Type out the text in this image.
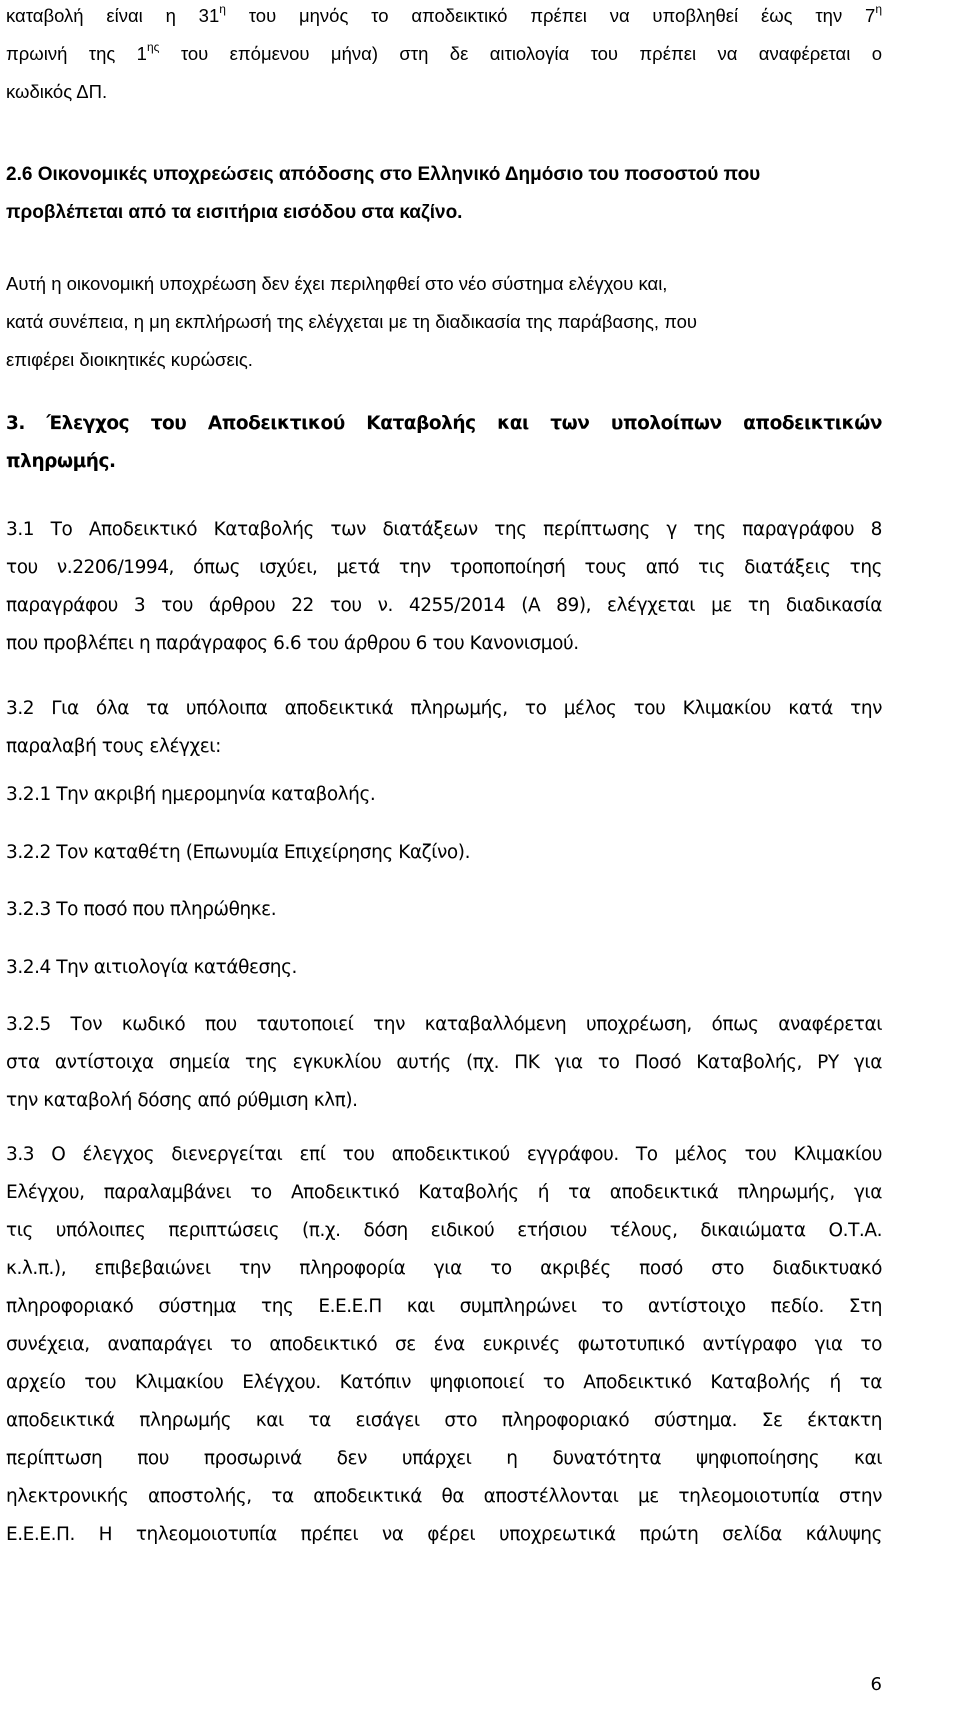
καταβολή είναι η $31^\eta$ του μηνός το αποδεικτικό πρέπει να υποβληθεί έως την $7^\eta$
πρωινή της $1^{\eta\varsigma}$ του επόμενου μήνα) στη δε αιτιολογία του πρέπει να αναφέρεται ο
κωδικός ΔΠ.
2.6 Οικονομικές υποχρεώσεις απόδοσης στο Ελληνικό Δημόσιο του ποσοστού που
προβλέπεται από τα εισιτήρια εισόδου στα καζίνο.
Αυτή η οικονομική υποχρέωση δεν έχει περιληφθεί στο νέο σύστημα ελέγχου και,
κατά συνέπεια, η μη εκπλήρωσή της ελέγχεται με τη διαδικασία της παράβασης, που
επιφέρει διοικητικές κυρώσεις.
3. Έλεγχος του Αποδεικτικού Καταβολής και των υπολοίπων αποδεικτικών
πληρωμής.
3.1 Το Αποδεικτικό Καταβολής των διατάξεων της περίπτωσης γ της παραγράφου 8
του ν.2206/1994, όπως ισχύει, μετά την τροποποίησή τους από τις διατάξεις της
παραγράφου 3 του άρθρου 22 του ν. 4255/2014 (Α 89), ελέγχεται με τη διαδικασία
που προβλέπει η παράγραφος 6.6 του άρθρου 6 του Κανονισμού.
3.2 Για όλα τα υπόλοιπα αποδεικτικά πληρωμής, το μέλος του Κλιμακίου κατά την
παραλαβή τους ελέγχει:
3.2.1 Την ακριβή ημερομηνία καταβολής.
3.2.2 Τον καταθέτη (Επωνυμία Επιχείρησης Καζίνο).
3.2.3 Το ποσό που πληρώθηκε.
3.2.4 Την αιτιολογία κατάθεσης.
3.2.5 Τον κωδικό που ταυτοποιεί την καταβαλλόμενη υποχρέωση, όπως αναφέρεται
στα αντίστοιχα σημεία της εγκυκλίου αυτής (πχ. ΠΚ για το Ποσό Καταβολής, ΡΥ για
την καταβολή δόσης από ρύθμιση κλπ).
3.3 Ο έλεγχος διενεργείται επί του αποδεικτικού εγγράφου. Το μέλος του Κλιμακίου
Ελέγχου, παραλαμβάνει το Αποδεικτικό Καταβολής ή τα αποδεικτικά πληρωμής, για
τις υπόλοιπες περιπτώσεις (π.χ. δόση ειδικού ετήσιου τέλους, δικαιώματα Ο.Τ.Α.
κ.λ.π.), επιβεβαιώνει την πληροφορία για το ακριβές ποσό στο διαδικτυακό
πληροφοριακό σύστημα της Ε.Ε.Ε.Π και συμπληρώνει το αντίστοιχο πεδίο. Στη
συνέχεια, αναπαράγει το αποδεικτικό σε ένα ευκρινές φωτοτυπικό αντίγραφο για το
αρχείο του Κλιμακίου Ελέγχου. Κατόπιν ψηφιοποιεί το Αποδεικτικό Καταβολής ή τα
αποδεικτικά πληρωμής και τα εισάγει στο πληροφοριακό σύστημα. Σε έκτακτη
περίπτωση που προσωρινά δεν υπάρχει η δυνατότητα ψηφιοποίησης και
ηλεκτρονικής αποστολής, τα αποδεικτικά θα αποστέλλονται με τηλεομοιοτυπία στην
Ε.Ε.Ε.Π. Η τηλεομοιοτυπία πρέπει να φέρει υποχρεωτικά πρώτη σελίδα κάλυψης
6
